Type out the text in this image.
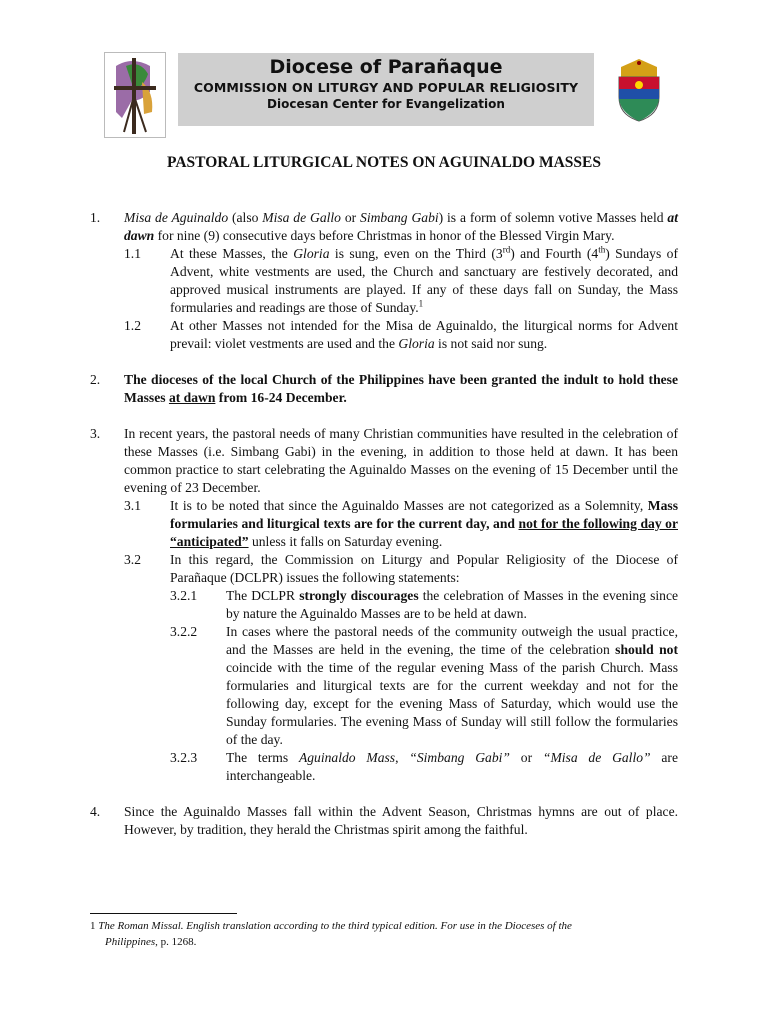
Diocese of Parañaque
COMMISSION ON LITURGY AND POPULAR RELIGIOSITY
Diocesan Center for Evangelization
PASTORAL LITURGICAL NOTES ON AGUINALDO MASSES
1. Misa de Aguinaldo (also Misa de Gallo or Simbang Gabi) is a form of solemn votive Masses held at dawn for nine (9) consecutive days before Christmas in honor of the Blessed Virgin Mary.
1.1 At these Masses, the Gloria is sung, even on the Third (3rd) and Fourth (4th) Sundays of Advent, white vestments are used, the Church and sanctuary are festively decorated, and approved musical instruments are played. If any of these days fall on Sunday, the Mass formularies and readings are those of Sunday.$^1$
1.2 At other Masses not intended for the Misa de Aguinaldo, the liturgical norms for Advent prevail: violet vestments are used and the Gloria is not said nor sung.
2. The dioceses of the local Church of the Philippines have been granted the indult to hold these Masses at dawn from 16-24 December.
3. In recent years, the pastoral needs of many Christian communities have resulted in the celebration of these Masses (i.e. Simbang Gabi) in the evening, in addition to those held at dawn. It has been common practice to start celebrating the Aguinaldo Masses on the evening of 15 December until the evening of 23 December.
3.1 It is to be noted that since the Aguinaldo Masses are not categorized as a Solemnity, Mass formularies and liturgical texts are for the current day, and not for the following day or “anticipated” unless it falls on Saturday evening.
3.2 In this regard, the Commission on Liturgy and Popular Religiosity of the Diocese of Parañaque (DCLPR) issues the following statements:
3.2.1 The DCLPR strongly discourages the celebration of Masses in the evening since by nature the Aguinaldo Masses are to be held at dawn.
3.2.2 In cases where the pastoral needs of the community outweigh the usual practice, and the Masses are held in the evening, the time of the celebration should not coincide with the time of the regular evening Mass of the parish Church. Mass formularies and liturgical texts are for the current weekday and not for the following day, except for the evening Mass of Saturday, which would use the Sunday formularies. The evening Mass of Sunday will still follow the formularies of the day.
3.2.3 The terms Aguinaldo Mass, “Simbang Gabi” or “Misa de Gallo” are interchangeable.
4. Since the Aguinaldo Masses fall within the Advent Season, Christmas hymns are out of place. However, by tradition, they herald the Christmas spirit among the faithful.
1 The Roman Missal. English translation according to the third typical edition. For use in the Dioceses of the
Philippines, p. 1268.
